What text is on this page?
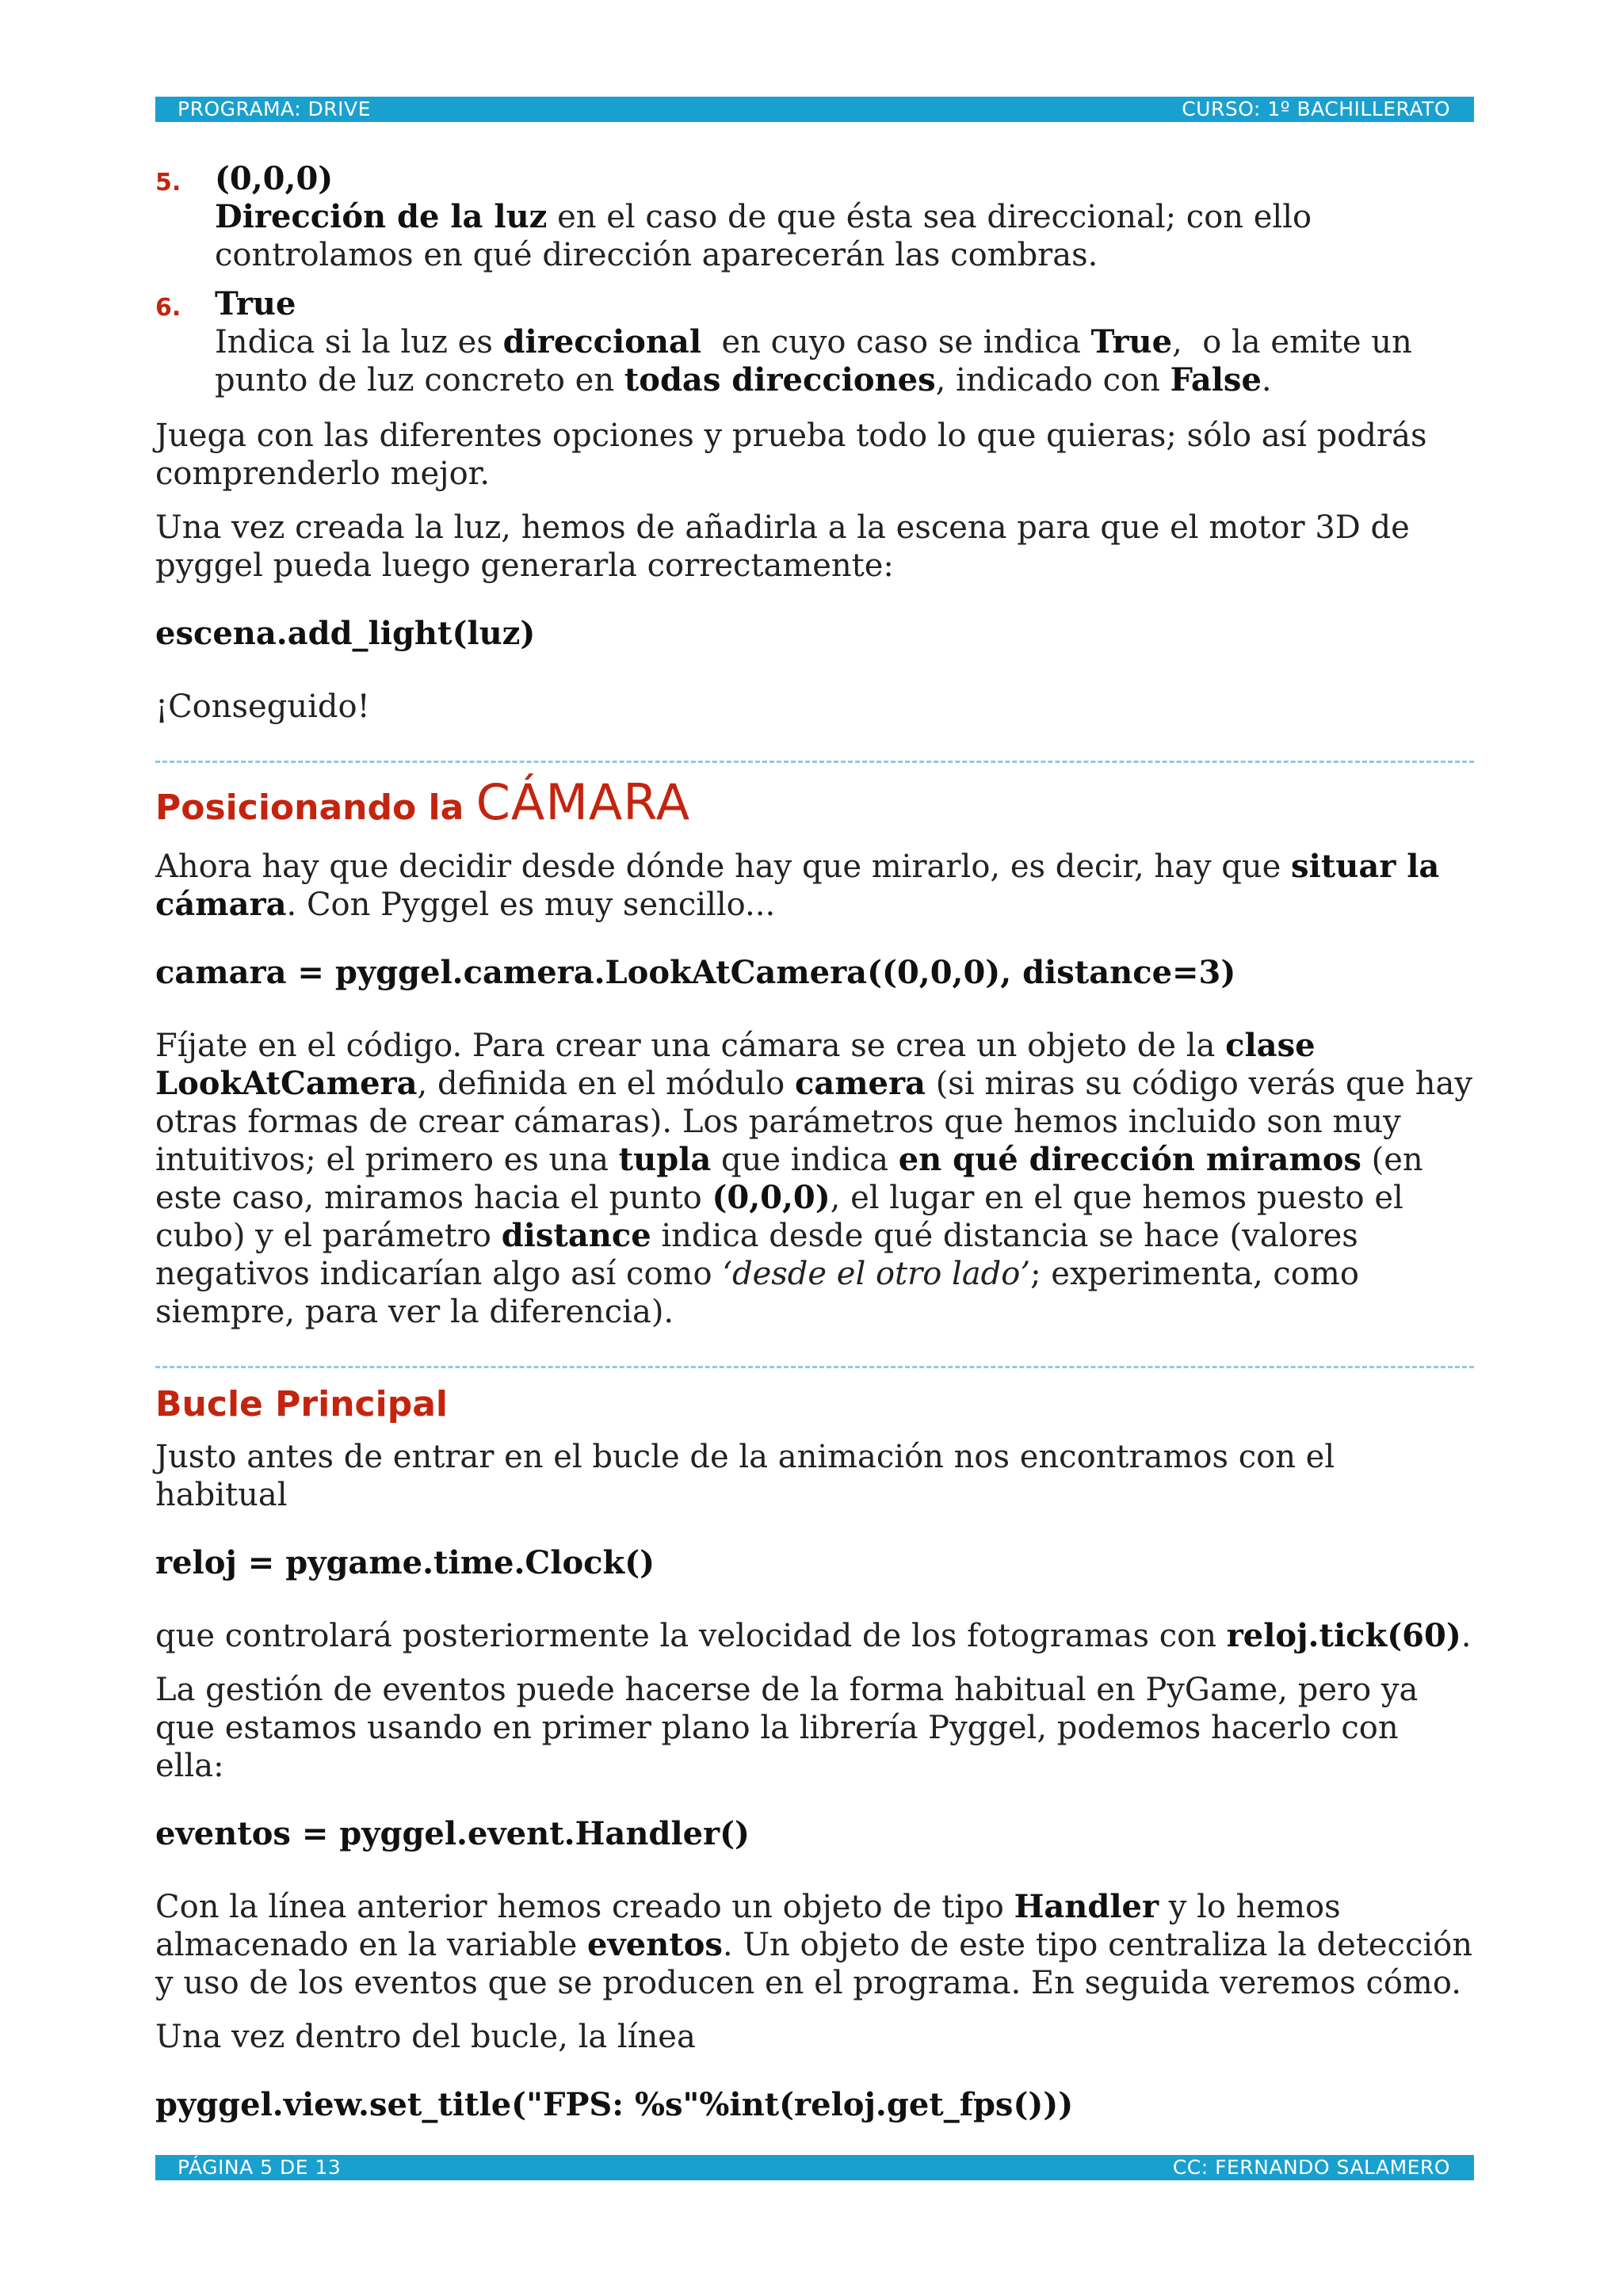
PROGRAMA: DRIVE	CURSO: 1º BACHILLERATO
5. (0,0,0)

Dirección de la luz en el caso de que ésta sea direccional; con ello controlamos en qué dirección aparecerán las combras.

6. True

Indica si la luz es direccional  en cuyo caso se indica True,  o la emite un punto de luz concreto en todas direcciones, indicado con False.

Juega con las diferentes opciones y prueba todo lo que quieras; sólo así podrás comprenderlo mejor.

Una vez creada la luz, hemos de añadirla a la escena para que el motor 3D de pyggel pueda luego generarla correctamente:

escena.add_light(luz)

¡Conseguido!

Posicionando la CÁMARA

Ahora hay que decidir desde dónde hay que mirarlo, es decir, hay que situar la cámara. Con Pyggel es muy sencillo...

camara = pyggel.camera.LookAtCamera((0,0,0), distance=3)

Fíjate en el código. Para crear una cámara se crea un objeto de la clase LookAtCamera, definida en el módulo camera (si miras su código verás que hay otras formas de crear cámaras). Los parámetros que hemos incluido son muy intuitivos; el primero es una tupla que indica en qué dirección miramos (en este caso, miramos hacia el punto (0,0,0), el lugar en el que hemos puesto el cubo) y el parámetro distance indica desde qué distancia se hace (valores negativos indicarían algo así como ‘desde el otro lado’; experimenta, como siempre, para ver la diferencia).

Bucle Principal

Justo antes de entrar en el bucle de la animación nos encontramos con el habitual

reloj = pygame.time.Clock()

que controlará posteriormente la velocidad de los fotogramas con reloj.tick(60).

La gestión de eventos puede hacerse de la forma habitual en PyGame, pero ya que estamos usando en primer plano la librería Pyggel, podemos hacerlo con ella:

eventos = pyggel.event.Handler()

Con la línea anterior hemos creado un objeto de tipo Handler y lo hemos almacenado en la variable eventos. Un objeto de este tipo centraliza la detección y uso de los eventos que se producen en el programa. En seguida veremos cómo.

Una vez dentro del bucle, la línea

pyggel.view.set_title("FPS: %s"%int(reloj.get_fps()))

PÁGINA 5 DE 13	CC: FERNANDO SALAMERO
